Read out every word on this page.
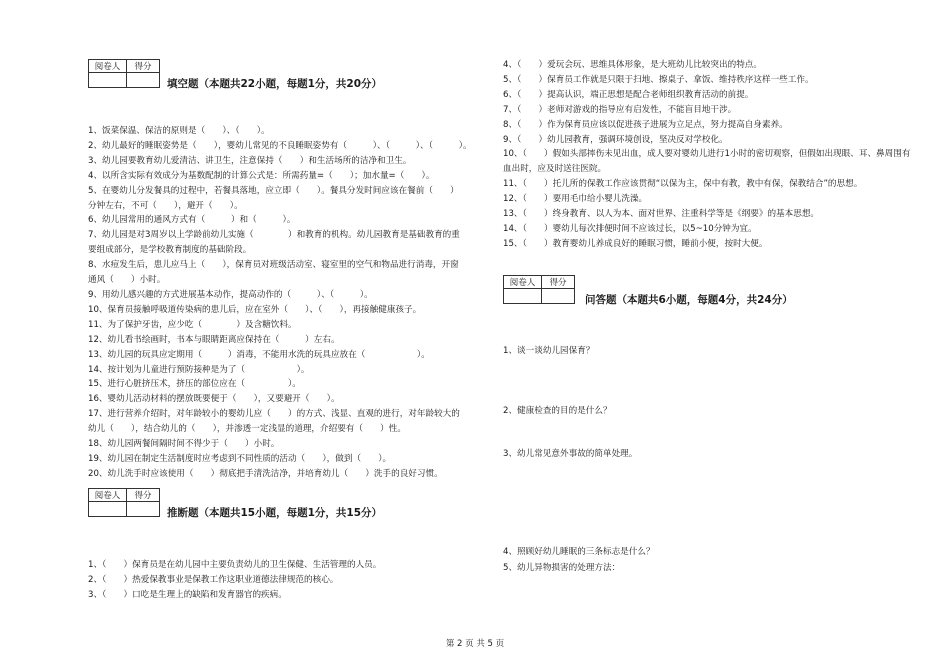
阅卷人	得分

填空题（本题共22小题，每题1分，共20分）
1、饭菜保温、保洁的原则是（　　）、（　　）。
2、幼儿最好的睡眠姿势是（　　），婴幼儿常见的不良睡眠姿势有（　　　）、（　　　）、（　　　）。
3、幼儿园要教育幼儿爱清洁、讲卫生，注意保持（　　）和生活场所的洁净和卫生。
4、以所含实际有效成分为基数配制的计算公式是：所需药量=（　　）；加水量=（　　）。
5、在婴幼儿分发餐具的过程中，若餐具落地，应立即（　　）。餐具分发时间应该在餐前（　　）分钟左右，不可（　　），避开（　　）。
6、幼儿园常用的通风方式有（　　　）和（　　　）。
7、幼儿园是对3周岁以上学龄前幼儿实施（　　　　）和教育的机构。幼儿园教育是基础教育的重要组成部分，是学校教育制度的基础阶段。
8、水痘发生后，患儿应马上（　　），保育员对班级活动室、寝室里的空气和物品进行消毒，开窗通风（　　）小时。
9、用幼儿感兴趣的方式进展基本动作，提高动作的（　　　）、（　　　）。
10、保育员接触呼吸道传染病的患儿后，应在室外（　　）、（　　），再接触健康孩子。
11、为了保护牙齿，应少吃（　　　　）及含糖饮料。
12、幼儿看书绘画时，书本与眼睛距离应保持在（　　　）左右。
13、幼儿园的玩具应定期用（　　　）消毒，不能用水洗的玩具应放在（　　　　　　）。
14、按计划为儿童进行预防接种是为了（　　　　　　）。
15、进行心脏挤压术，挤压的部位应在（　　　　　）。
16、婴幼儿活动材料的摆放既要便于（　　），又要避开（　　）。
17、进行营养介绍时，对年龄较小的婴幼儿应（　　）的方式、浅显、直观的进行，对年龄较大的幼儿（　　），结合幼儿的（　　），并渗透一定浅显的道理，介绍要有（　　）性。
18、幼儿园两餐间隔时间不得少于（　　）小时。
19、幼儿园在制定生活制度时应考虑到不同性质的活动（　　），做到（　　）。
20、幼儿洗手时应该使用（　　）彻底把手清洗洁净，并培育幼儿（　　）洗手的良好习惯。
阅卷人	得分

推断题（本题共15小题，每题1分，共15分）
1、（　　）保育员是在幼儿园中主要负责幼儿的卫生保健、生活管理的人员。
2、（　　）热爱保教事业是保教工作这职业道德法律规范的核心。
3、（　　）口吃是生理上的缺陷和发育器官的疾病。
4、（　　）爱玩会玩、思维具体形象，是大班幼儿比较突出的特点。
5、（　　）保育员工作就是只限于扫地、擦桌子、拿饭、维持秩序这样一些工作。
6、（　　）提高认识，端正思想是配合老师组织教育活动的前提。
7、（　　）老师对游戏的指导应有启发性，不能盲目地干涉。
8、（　　）作为保育员应该以促进孩子进展为立足点，努力提高自身素养。
9、（　　）幼儿园教育，强调环境创设，坚决反对学校化。
10、（　　）假如头部摔伤未见出血，成人要对婴幼儿进行1小时的密切观察，但假如出现眼、耳、鼻周围有血出时，应及时送往医院。
11、（　　）托儿所的保教工作应该贯彻“以保为主，保中有教，教中有保，保教结合”的思想。
12、（　　）要用毛巾给小婴儿洗澡。
13、（　　）终身教育、以人为本、面对世界、注重科学等是《纲要》的基本思想。
14、（　　）婴幼儿每次排便时间不应该过长，以5~10分钟为宜。
15、（　　）教育婴幼儿养成良好的睡眠习惯，睡前小便，按时大便。
阅卷人	得分

问答题（本题共6小题，每题4分，共24分）
1、谈一谈幼儿园保育？
2、健康检查的目的是什么？
3、幼儿常见意外事故的简单处理。
4、照顾好幼儿睡眠的三条标志是什么？
5、幼儿异物损害的处理方法：
第 2 页 共 5 页
